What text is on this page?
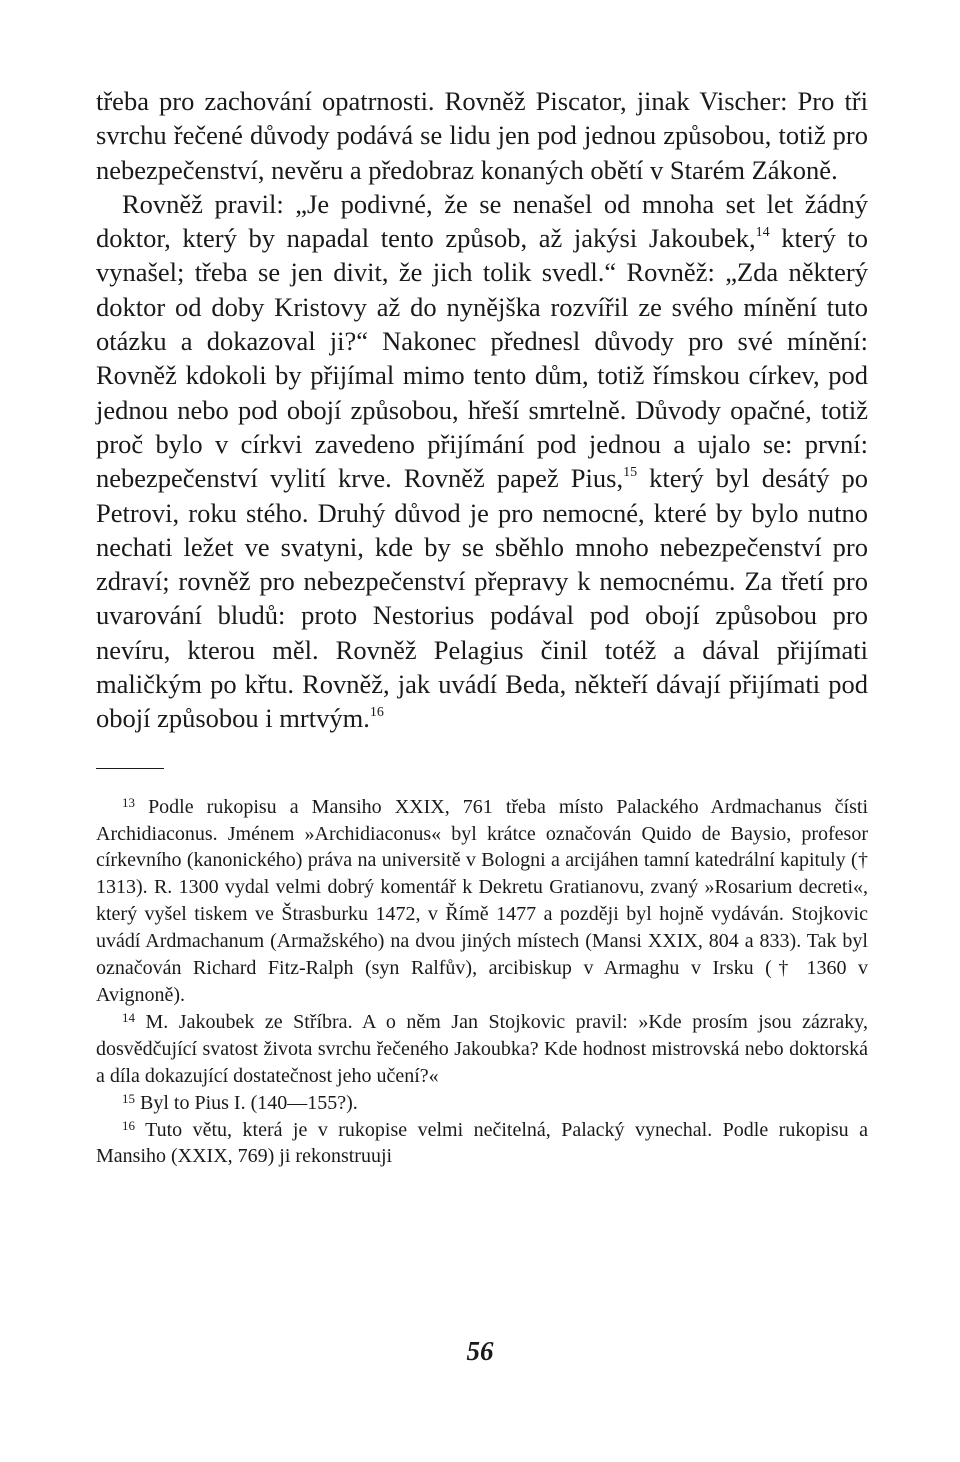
třeba pro zachování opatrnosti. Rovněž Piscator, jinak Vischer: Pro tři svrchu řečené důvody podává se lidu jen pod jednou způsobou, totiž pro nebezpečenství, nevěru a předobraz konaných obětí v Starém Zákoně.

Rovněž pravil: „Je podivné, že se nenašel od mnoha set let žádný doktor, který by napadal tento způsob, až jakýsi Jakoubek,$^{14}$ který to vynašel; třeba se jen divit, že jich tolik svedl.“ Rovněž: „Zda některý doktor od doby Kristovy až do nynějška rozvířil ze svého mínění tuto otázku a dokazoval ji?“ Nakonec přednesl důvody pro své mínění: Rovněž kdokoli by přijímal mimo tento dům, totiž římskou církev, pod jednou nebo pod obojí způsobou, hřeší smrtelně. Důvody opačné, totiž proč bylo v církvi zavedeno přijímání pod jednou a ujalo se: první: nebezpečenství vylití krve. Rovněž papež Pius,$^{15}$ který byl desátý po Petrovi, roku stého. Druhý důvod je pro nemocné, které by bylo nutno nechati ležet ve svatyni, kde by se sběhlo mnoho nebezpečenství pro zdraví; rovněž pro nebezpečenství přepravy k nemocnému. Za třetí pro uvarování bludů: proto Nestorius podával pod obojí způsobou pro nevíru, kterou měl. Rovněž Pelagius činil totéž a dával přijímati maličkým po křtu. Rovněž, jak uvádí Beda, někteří dávají přijímati pod obojí způsobou i mrtvým.$^{16}$

$^{13}$ Podle rukopisu a Mansiho XXIX, 761 třeba místo Palackého Ardmachanus čísti Archidiaconus. Jménem »Archidiaconus« byl krátce označován Quido de Baysio, profesor církevního (kanonického) práva na universitě v Bologni a arcijáhen tamní katedrální kapituly († 1313). R. 1300 vydal velmi dobrý komentář k Dekretu Gratianovu, zvaný »Rosarium decreti«, který vyšel tiskem ve Štrasburku 1472, v Římě 1477 a později byl hojně vydáván. Stojkovic uvádí Ardmachanum (Armažského) na dvou jiných místech (Mansi XXIX, 804 a 833). Tak byl označován Richard Fitz-Ralph (syn Ralfův), arcibiskup v Armaghu v Irsku († 1360 v Avignoně).

$^{14}$ M. Jakoubek ze Stříbra. A o něm Jan Stojkovic pravil: »Kde prosím jsou zázraky, dosvědčující svatost života svrchu řečeného Jakoubka? Kde hodnost mistrovská nebo doktorská a díla dokazující dostatečnost jeho učení?«

$^{15}$ Byl to Pius I. (140—155?).

$^{16}$ Tuto větu, která je v rukopise velmi nečitelná, Palacký vynechal. Podle rukopisu a Mansiho (XXIX, 769) ji rekonstruuji

56
